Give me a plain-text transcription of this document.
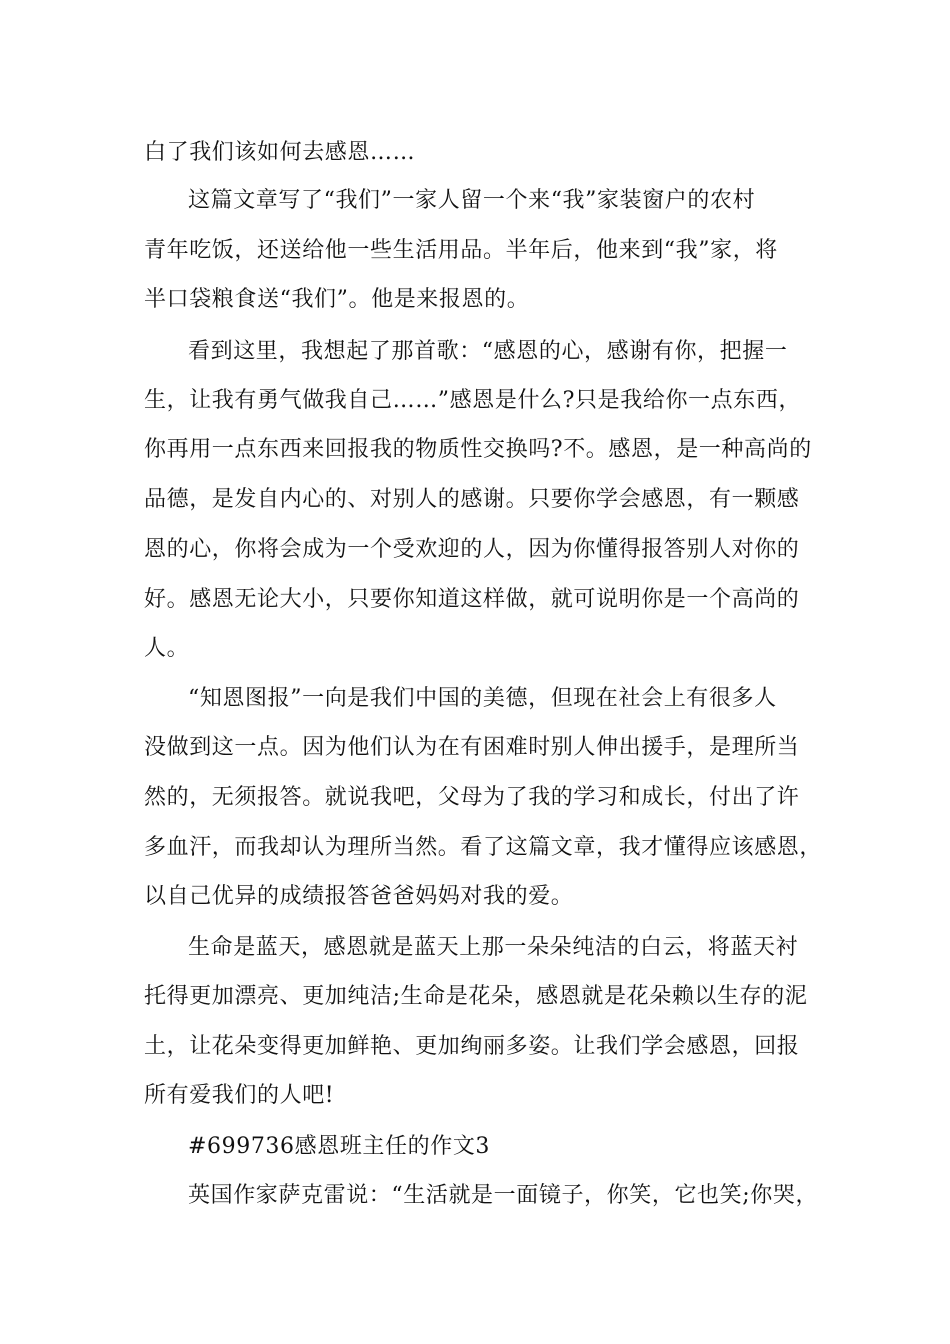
白了我们该如何去感恩……
这篇文章写了“我们”一家人留一个来“我”家装窗户的农村
青年吃饭，还送给他一些生活用品。半年后，他来到“我”家，将
半口袋粮食送“我们”。他是来报恩的。
看到这里，我想起了那首歌：“感恩的心，感谢有你，把握一
生，让我有勇气做我自己……”感恩是什么?只是我给你一点东西，
你再用一点东西来回报我的物质性交换吗?不。感恩，是一种高尚的
品德，是发自内心的、对别人的感谢。只要你学会感恩，有一颗感
恩的心，你将会成为一个受欢迎的人，因为你懂得报答别人对你的
好。感恩无论大小，只要你知道这样做，就可说明你是一个高尚的
人。
“知恩图报”一向是我们中国的美德，但现在社会上有很多人
没做到这一点。因为他们认为在有困难时别人伸出援手，是理所当
然的，无须报答。就说我吧，父母为了我的学习和成长，付出了许
多血汗，而我却认为理所当然。看了这篇文章，我才懂得应该感恩，
以自己优异的成绩报答爸爸妈妈对我的爱。
生命是蓝天，感恩就是蓝天上那一朵朵纯洁的白云，将蓝天衬
托得更加漂亮、更加纯洁;生命是花朵，感恩就是花朵赖以生存的泥
土，让花朵变得更加鲜艳、更加绚丽多姿。让我们学会感恩，回报
所有爱我们的人吧!
#699736感恩班主任的作文3
英国作家萨克雷说：“生活就是一面镜子，你笑，它也笑;你哭，
